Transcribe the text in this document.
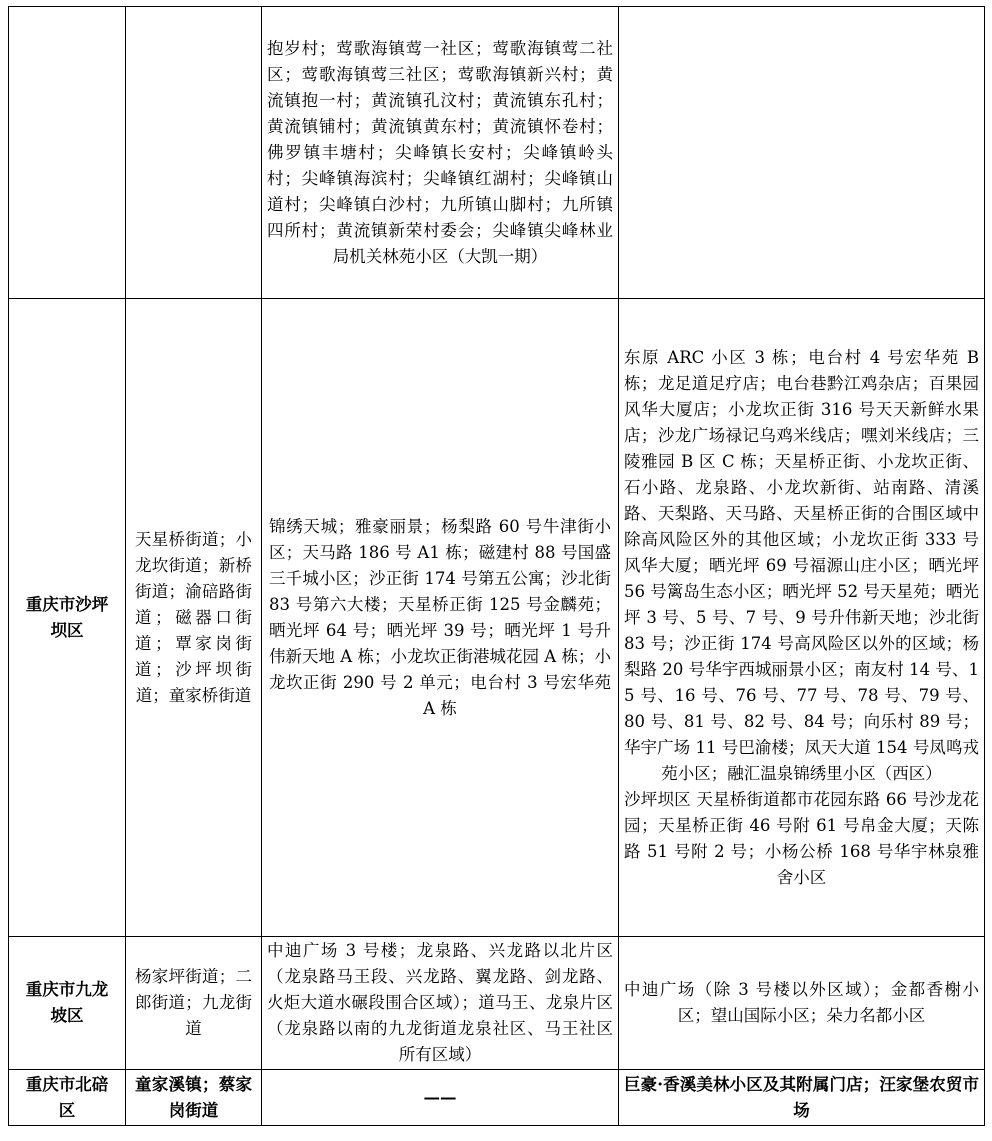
		抱岁村；莺歌海镇莺一社区；莺歌海镇莺二社区；莺歌海镇莺三社区；莺歌海镇新兴村；黄流镇抱一村；黄流镇孔汶村；黄流镇东孔村；黄流镇铺村；黄流镇黄东村；黄流镇怀卷村；佛罗镇丰塘村；尖峰镇长安村；尖峰镇岭头村；尖峰镇海滨村；尖峰镇红湖村；尖峰镇山道村；尖峰镇白沙村；九所镇山脚村；九所镇四所村；黄流镇新荣村委会；尖峰镇尖峰林业局机关林苑小区（大凯一期）	

重庆市沙坪坝区	天星桥街道；小龙坎街道；新桥街道；渝碚路街道；磁器口街道；覃家岗街道；沙坪坝街道；童家桥街道	锦绣天城；雅豪丽景；杨梨路 60 号牛津街小区；天马路 186 号 A1 栋；磁建村 88 号国盛三千城小区；沙正街 174 号第五公寓；沙北街 83 号第六大楼；天星桥正街 125 号金麟苑；晒光坪 64 号；晒光坪 39 号；晒光坪 1 号升伟新天地 A 栋；小龙坎正街港城花园 A 栋；小龙坎正街 290 号 2 单元；电台村 3 号宏华苑 A 栋	东原 ARC 小区 3 栋；电台村 4 号宏华苑 B 栋；龙足道足疗店；电台巷黔江鸡杂店；百果园风华大厦店；小龙坎正街 316 号天天新鲜水果店；沙龙广场禄记乌鸡米线店；嘿刘米线店；三陵雅园 B 区 C 栋；天星桥正街、小龙坎正街、石小路、龙泉路、小龙坎新街、站南路、清溪路、天梨路、天马路、天星桥正街的合围区域中除高风险区外的其他区域；小龙坎正街 333 号风华大厦；晒光坪 69 号福源山庄小区；晒光坪 56 号篱岛生态小区；晒光坪 52 号天星苑；晒光坪 3 号、5 号、7 号、9 号升伟新天地；沙北街 83 号；沙正街 174 号高风险区以外的区域；杨梨路 20 号华宇西城丽景小区；南友村 14 号、15 号、16 号、76 号、77 号、78 号、79 号、80 号、81 号、82 号、84 号；向乐村 89 号；华宇广场 11 号巴渝楼；凤天大道 154 号凤鸣戎苑小区；融汇温泉锦绣里小区（西区）
沙坪坝区 天星桥街道都市花园东路 66 号沙龙花园；天星桥正街 46 号附 61 号帛金大厦；天陈路 51 号附 2 号；小杨公桥 168 号华宇林泉雅舍小区

重庆市九龙坡区	杨家坪街道；二郎街道；九龙街道	中迪广场 3 号楼；龙泉路、兴龙路以北片区（龙泉路马王段、兴龙路、翼龙路、剑龙路、火炬大道水碾段围合区域）；道马王、龙泉片区（龙泉路以南的九龙街道龙泉社区、马王社区所有区域）	中迪广场（除 3 号楼以外区域）；金都香榭小区；望山国际小区；朵力名都小区

重庆市北碚区	童家溪镇；蔡家岗街道	——	巨豪·香溪美林小区及其附属门店；汪家堡农贸市场
